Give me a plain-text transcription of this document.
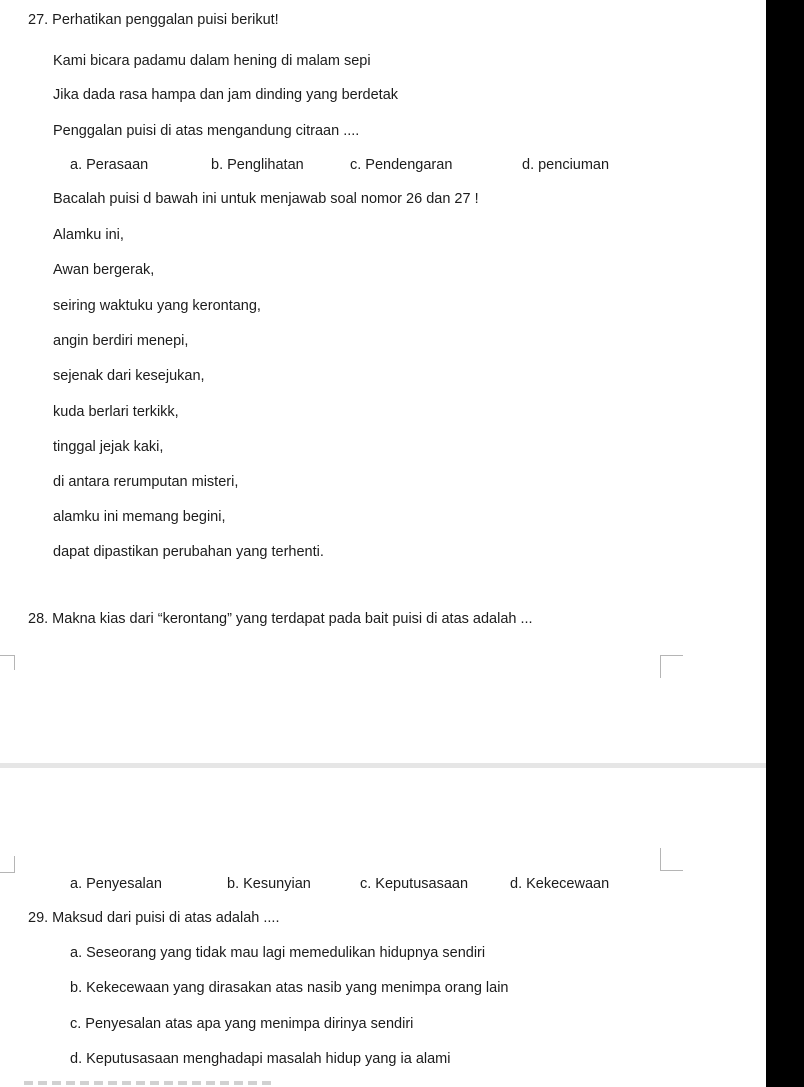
27. Perhatikan penggalan puisi berikut!
Kami bicara padamu dalam hening di malam sepi
Jika dada rasa hampa dan jam dinding yang berdetak
Penggalan puisi di atas mengandung citraan ....
a. Perasaan	b. Penglihatan	c. Pendengaran	d. penciuman
Bacalah puisi d bawah ini untuk menjawab soal nomor 26 dan 27 !
Alamku ini,
Awan bergerak,
seiring waktuku yang kerontang,
angin berdiri menepi,
sejenak dari kesejukan,
kuda berlari terkikk,
tinggal jejak kaki,
di antara rerumputan misteri,
alamku ini memang begini,
dapat dipastikan perubahan yang terhenti.
28. Makna kias dari “kerontang” yang terdapat pada bait puisi di atas adalah ...
a. Penyesalan	b. Kesunyian	c. Keputusasaan	d. Kekecewaan
29. Maksud dari puisi di atas adalah ....
a. Seseorang yang tidak mau lagi memedulikan hidupnya sendiri
b. Kekecewaan yang dirasakan atas nasib yang menimpa orang lain
c. Penyesalan atas apa yang menimpa dirinya sendiri
d. Keputusasaan menghadapi masalah hidup yang ia alami
